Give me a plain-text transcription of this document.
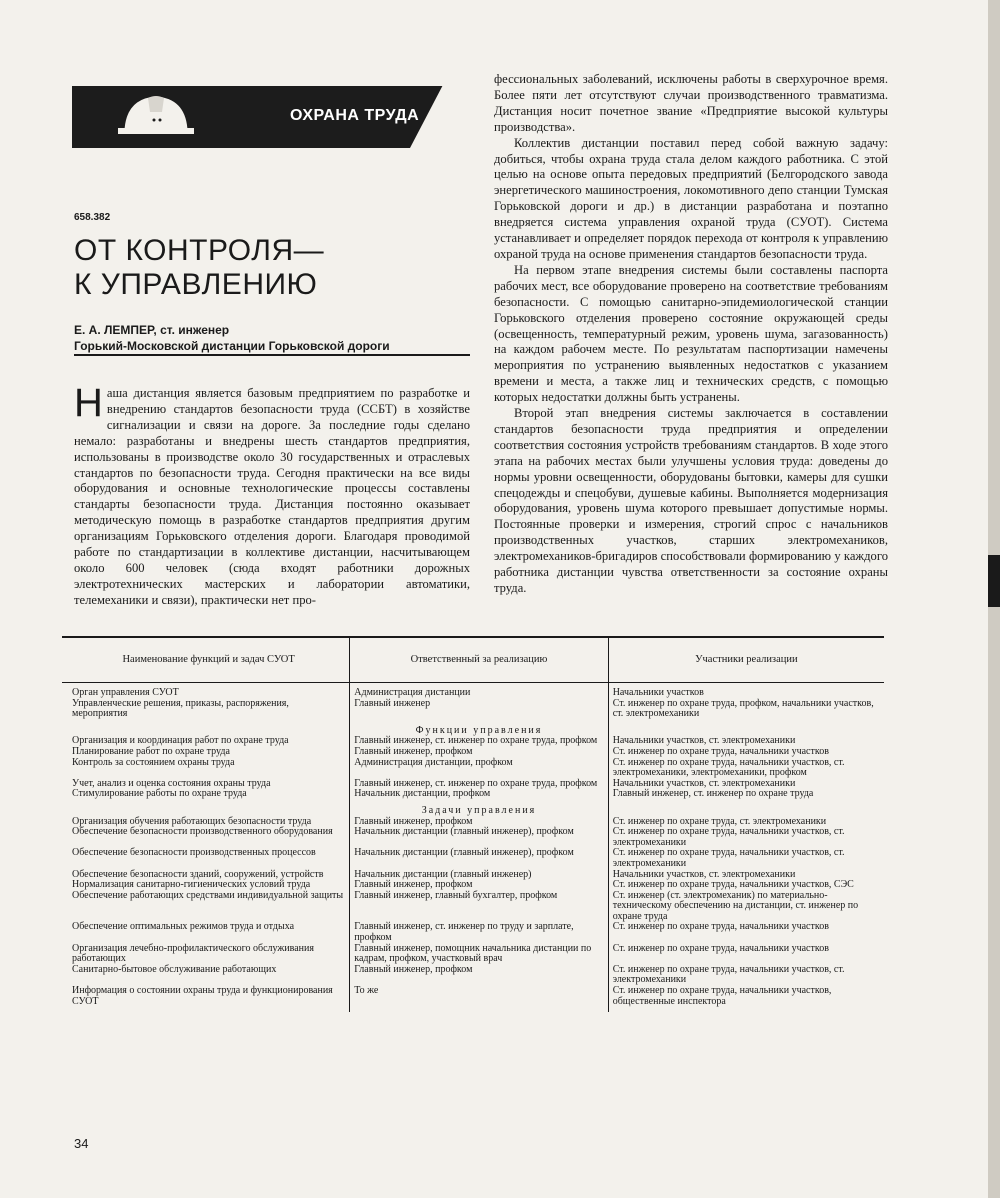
ОХРАНА ТРУДА
658.382
ОТ КОНТРОЛЯ—
К УПРАВЛЕНИЮ
Е. А. ЛЕМПЕР, ст. инженер
Горький-Московской дистанции Горьковской дороги

Наша дистанция является базовым предприятием по разработке и внедрению стандартов безопасности труда (ССБТ) в хозяйстве сигнализации и связи на дороге. За последние годы сделано немало: разработаны и внедрены шесть стандартов предприятия, использованы в производстве около 30 государственных и отраслевых стандартов по безопасности труда. Сегодня практически на все виды оборудования и основные технологические процессы составлены стандарты безопасности труда. Дистанция постоянно оказывает методическую помощь в разработке стандартов предприятия другим организациям Горьковского отделения дороги. Благодаря проводимой работе по стандартизации в коллективе дистанции, насчитывающем около 600 человек (сюда входят работники дорожных электротехнических мастерских и лаборатории автоматики, телемеханики и связи), практически нет про-

фессиональных заболеваний, исключены работы в сверхурочное время. Более пяти лет отсутствуют случаи производственного травматизма. Дистанция носит почетное звание «Предприятие высокой культуры производства».

Коллектив дистанции поставил перед собой важную задачу: добиться, чтобы охрана труда стала делом каждого работника. С этой целью на основе опыта передовых предприятий (Белгородского завода энергетического машиностроения, локомотивного депо станции Тумская Горьковской дороги и др.) в дистанции разработана и поэтапно внедряется система управления охраной труда (СУОТ). Система устанавливает и определяет порядок перехода от контроля к управлению охраной труда на основе применения стандартов безопасности труда.

На первом этапе внедрения системы были составлены паспорта рабочих мест, все оборудование проверено на соответствие требованиям безопасности. С помощью санитарно-эпидемиологической станции Горьковского отделения проверено состояние окружающей среды (освещенность, температурный режим, уровень шума, загазованность) на каждом рабочем месте. По результатам паспортизации намечены мероприятия по устранению выявленных недостатков с указанием времени и места, а также лиц и технических средств, с помощью которых недостатки должны быть устранены.

Второй этап внедрения системы заключается в составлении стандартов безопасности труда предприятия и определении соответствия состояния устройств требованиям стандартов. В ходе этого этапа на рабочих местах были улучшены условия труда: доведены до нормы уровни освещенности, оборудованы бытовки, камеры для сушки спецодежды и спецобуви, душевые кабины. Выполняется модернизация оборудования, уровень шума которого превышает допустимые нормы. Постоянные проверки и измерения, строгий спрос с начальников производственных участков, старших электромехаников, электромехаников-бригадиров способствовали формированию у каждого работника дистанции чувства ответственности за состояние охраны труда.

Наименование функций и задач СУОТ	Ответственный за реализацию	Участники реализации
Орган управления СУОТ	Администрация дистанции	Начальники участков
Управленческие решения, приказы, распоряжения, мероприятия	Главный инженер	Ст. инженер по охране труда, профком, начальники участков, ст. электромеханики
	Функции управления	
Организация и координация работ по охране труда	Главный инженер, ст. инженер по охране труда, профком	Начальники участков, ст. электромеханики
Планирование работ по охране труда	Главный инженер, профком	Ст. инженер по охране труда, начальники участков
Контроль за состоянием охраны труда	Администрация дистанции, профком	Ст. инженер по охране труда, начальники участков, ст. электромеханики, электромеханики, профком
Учет, анализ и оценка состояния охраны труда	Главный инженер, ст. инженер по охране труда, профком	Начальники участков, ст. электромеханики
Стимулирование работы по охране труда	Начальник дистанции, профком	Главный инженер, ст. инженер по охране труда
	Задачи управления	
Организация обучения работающих безопасности труда	Главный инженер, профком	Ст. инженер по охране труда, ст. электромеханики
Обеспечение безопасности производственного оборудования	Начальник дистанции (главный инженер), профком	Ст. инженер по охране труда, начальники участков, ст. электромеханики
Обеспечение безопасности производственных процессов	Начальник дистанции (главный инженер), профком	Ст. инженер по охране труда, начальники участков, ст. электромеханики
Обеспечение безопасности зданий, сооружений, устройств	Начальник дистанции (главный инженер)	Начальники участков, ст. электромеханики
Нормализация санитарно-гигиенических условий труда	Главный инженер, профком	Ст. инженер по охране труда, начальники участков, СЭС
Обеспечение работающих средствами индивидуальной защиты	Главный инженер, главный бухгалтер, профком	Ст. инженер (ст. электромеханик) по материально-техническому обеспечению на дистанции, ст. инженер по охране труда
Обеспечение оптимальных режимов труда и отдыха	Главный инженер, ст. инженер по труду и зарплате, профком	Ст. инженер по охране труда, начальники участков
Организация лечебно-профилактического обслуживания работающих	Главный инженер, помощник начальника дистанции по кадрам, профком, участковый врач	Ст. инженер по охране труда, начальники участков
Санитарно-бытовое обслуживание работающих	Главный инженер, профком	Ст. инженер по охране труда, начальники участков, ст. электромеханики
Информация о состоянии охраны труда и функционирования СУОТ	То же	Ст. инженер по охране труда, начальники участков, общественные инспектора
34
